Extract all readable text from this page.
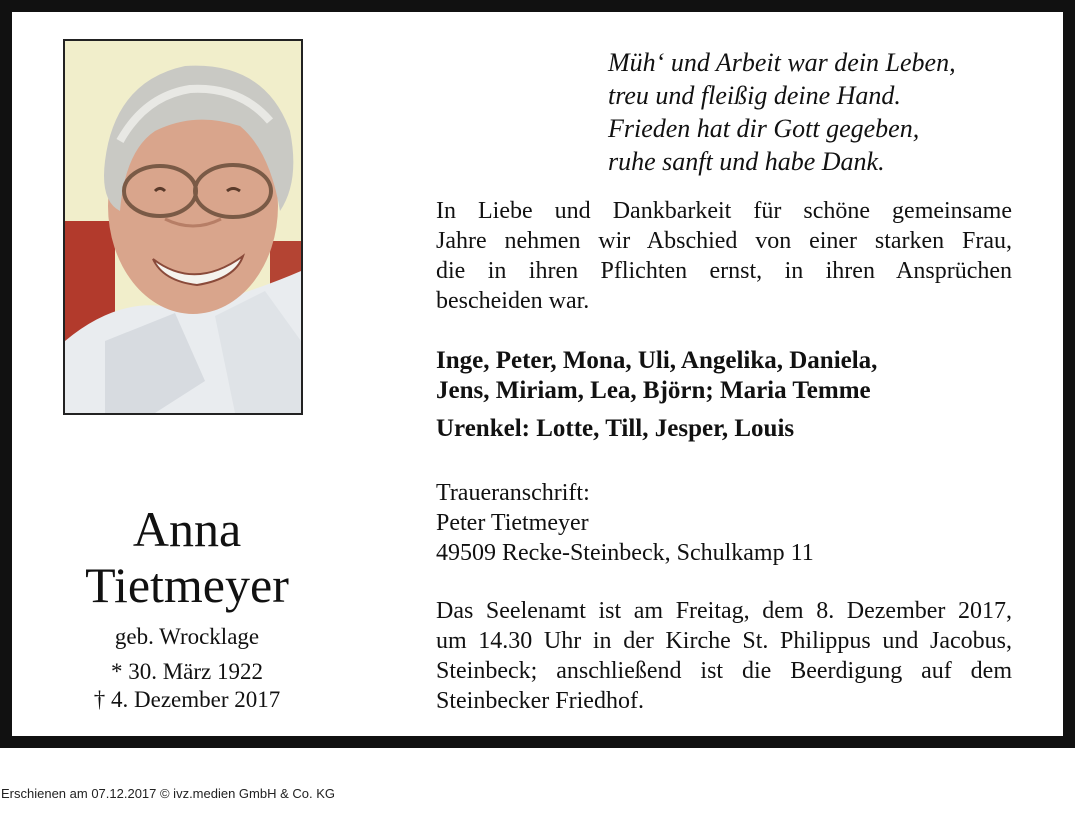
Anna
Tietmeyer
geb. Wrocklage
* 30. März 1922
† 4. Dezember 2017
Müh‘ und Arbeit war dein Leben,
treu und fleißig deine Hand.
Frieden hat dir Gott gegeben,
ruhe sanft und habe Dank.
In Liebe und Dankbarkeit für schöne gemeinsame
Jahre nehmen wir Abschied von einer starken Frau,
die in ihren Pflichten ernst, in ihren Ansprüchen
bescheiden war.
Inge, Peter, Mona, Uli, Angelika, Daniela,
Jens, Miriam, Lea, Björn; Maria Temme
Urenkel: Lotte, Till, Jesper, Louis
Traueranschrift:
Peter Tietmeyer
49509 Recke-Steinbeck, Schulkamp 11
Das Seelenamt ist am Freitag, dem 8. Dezember 2017,
um 14.30 Uhr in der Kirche St. Philippus und Jacobus,
Steinbeck; anschließend ist die Beerdigung auf dem
Steinbecker Friedhof.
Erschienen am 07.12.2017 © ivz.medien GmbH & Co. KG
